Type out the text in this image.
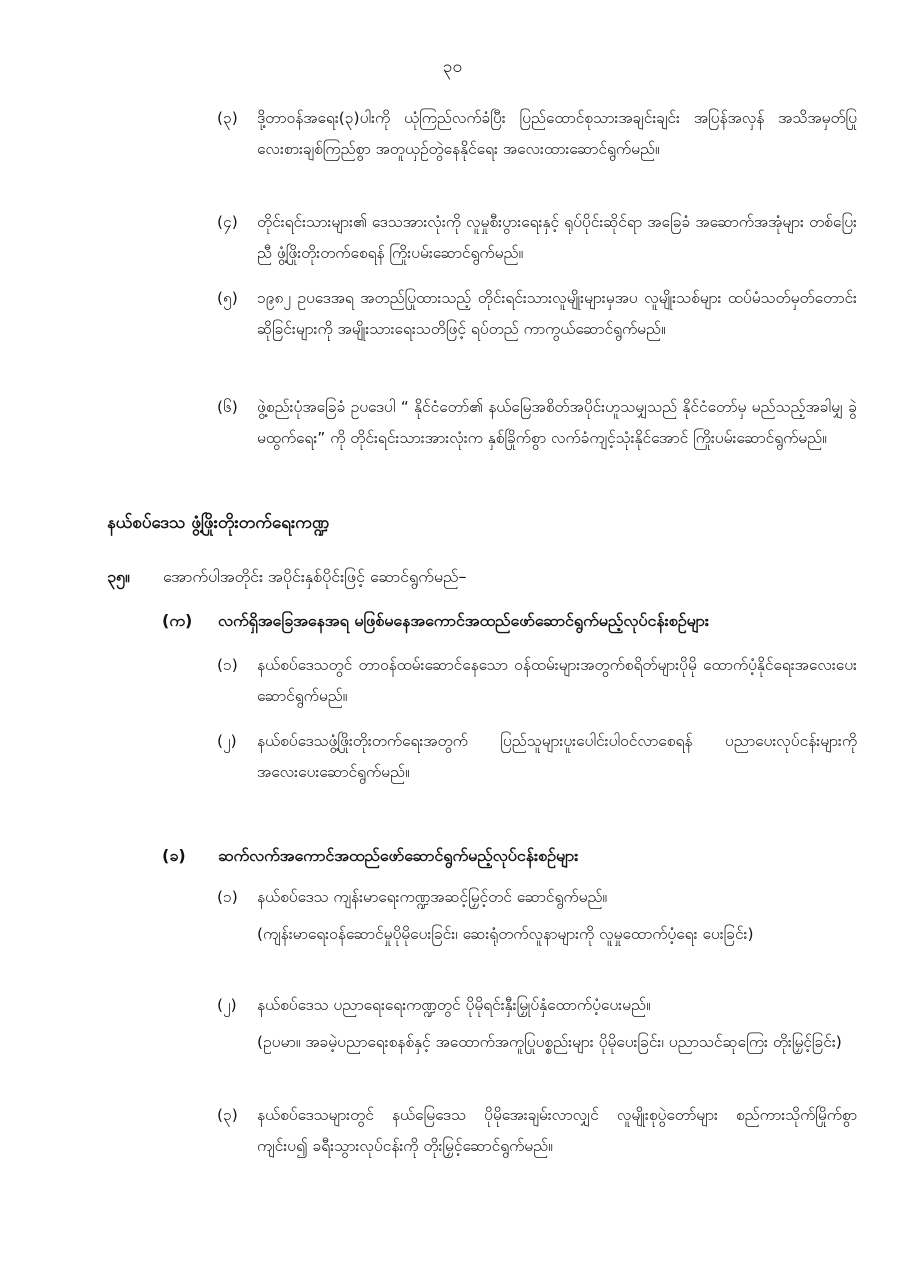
၃၀
(၃)	ဒို့တာဝန်အရေး(၃)ပါးကို ယုံကြည်လက်ခံပြီး ပြည်ထောင်စုသားအချင်းချင်း အပြန်အလှန် အသိအမှတ်ပြု လေးစားချစ်ကြည်စွာ အတူယှဉ်တွဲနေနိုင်ရေး အလေးထားဆောင်ရွက်မည်။
(၄)	တိုင်းရင်းသားများ၏ ဒေသအားလုံးကို လူမှုစီးပွားရေးနှင့် ရုပ်ပိုင်းဆိုင်ရာ အခြေခံ အဆောက်အအုံများ တစ်ပြေးညီ ဖွံ့ဖြိုးတိုးတက်စေရန် ကြိုးပမ်းဆောင်ရွက်မည်။
(၅)	၁၉၈၂ ဥပဒေအရ အတည်ပြုထားသည့် တိုင်းရင်းသားလူမျိုးများမှအပ လူမျိုးသစ်များ ထပ်မံသတ်မှတ်တောင်းဆိုခြင်းများကို အမျိုးသားရေးသတိဖြင့် ရပ်တည် ကာကွယ်ဆောင်ရွက်မည်။
(၆)	ဖွဲ့စည်းပုံအခြေခံ ဥပဒေပါ “ နိုင်ငံတော်၏ နယ်မြေအစိတ်အပိုင်းဟူသမျှသည် နိုင်ငံတော်မှ မည်သည့်အခါမျှ ခွဲမထွက်ရေး” ကို တိုင်းရင်းသားအားလုံးက နှစ်ခြိုက်စွာ လက်ခံကျင့်သုံးနိုင်အောင် ကြိုးပမ်းဆောင်ရွက်မည်။
နယ်စပ်ဒေသ ဖွံ့ဖြိုးတိုးတက်ရေးကဏ္ဍ
၃၅။ အောက်ပါအတိုင်း အပိုင်းနှစ်ပိုင်းဖြင့် ဆောင်ရွက်မည်–
(က) လက်ရှိအခြေအနေအရ မဖြစ်မနေအကောင်အထည်ဖော်ဆောင်ရွက်မည့်လုပ်ငန်းစဉ်များ
(၁)	နယ်စပ်ဒေသတွင် တာဝန်ထမ်းဆောင်နေသော ဝန်ထမ်းများအတွက်စရိတ်များပိုမို ထောက်ပံ့နိုင်ရေးအလေးပေးဆောင်ရွက်မည်။
(၂)	နယ်စပ်ဒေသဖွံ့ဖြိုးတိုးတက်ရေးအတွက် ပြည်သူများပူးပေါင်းပါဝင်လာစေရန် ပညာပေးလုပ်ငန်းများကို အလေးပေးဆောင်ရွက်မည်။
(ခ) ဆက်လက်အကောင်အထည်ဖော်ဆောင်ရွက်မည့်လုပ်ငန်းစဉ်များ
(၁)	နယ်စပ်ဒေသ ကျန်းမာရေးကဏ္ဍအဆင့်မြှင့်တင် ဆောင်ရွက်မည်။
(ကျန်းမာရေးဝန်ဆောင်မှုပိုမိုပေးခြင်း၊ ဆေးရုံတက်လူနာများကို လူမှုထောက်ပံ့ရေး ပေးခြင်း)
(၂)	နယ်စပ်ဒေသ ပညာရေးရေးကဏ္ဍတွင် ပိုမိုရင်းနှီးမြှုပ်နှံထောက်ပံ့ပေးမည်။
(ဥပမာ။ အခမဲ့ပညာရေးစနစ်နှင့် အထောက်အကူပြုပစ္စည်းများ ပိုမိုပေးခြင်း၊ ပညာသင်ဆုကြေး တိုးမြှင့်ခြင်း)
(၃)	နယ်စပ်ဒေသများတွင် နယ်မြေဒေသ ပိုမိုအေးချမ်းလာလျှင် လူမျိုးစုပွဲတော်များ စည်ကားသိုက်မြိုက်စွာ ကျင်းပ၍ ခရီးသွားလုပ်ငန်းကို တိုးမြှင့်ဆောင်ရွက်မည်။
